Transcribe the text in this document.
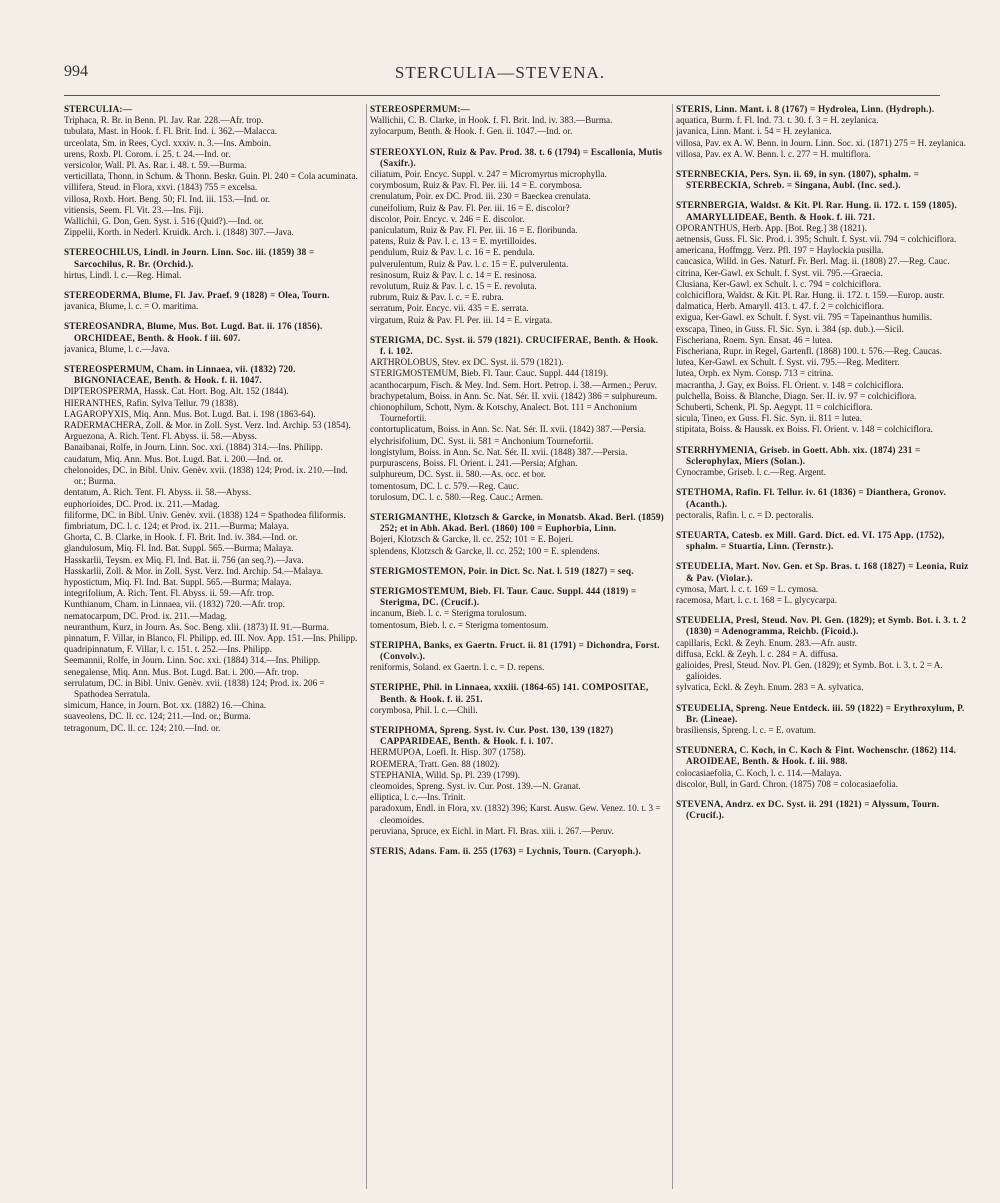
994	STERCULIA—STEVENA.
STERCULIA:—
Triphaca, R. Br. in Benn. Pl. Jav. Rar. 228.—Afr. trop.
tubulata, Mast. in Hook. f. Fl. Brit. Ind. i. 362.—Malacca.
urceolata, Sm. in Rees, Cycl. xxxiv. n. 3.—Ins. Amboin.
urens, Roxb. Pl. Corom. i. 25. t. 24.—Ind. or.
versicolor, Wall. Pl. As. Rar. i. 48. t. 59.—Burma.
verticillata, Thonn. in Schum. & Thonn. Beskr. Guin. Pl. 240 = Cola acuminata.
villifera, Steud. in Flora, xxvi. (1843) 755 = excelsa.
villosa, Roxb. Hort. Beng. 50; Fl. Ind. iii. 153.—Ind. or.
vitiensis, Seem. Fl. Vit. 23.—Ins. Fiji.
Wallichii, G. Don, Gen. Syst. i. 516 (Quid?).—Ind. or.
Zippelii, Korth. in Nederl. Kruidk. Arch. i. (1848) 307.—Java.
STEREOCHILUS, Lindl. in Journ. Linn. Soc. iii. (1859) 38 = Sarcochilus, R. Br. (Orchid.).
hirtus, Lindl. l. c.—Reg. Himal.
STEREODERMA, Blume, Fl. Jav. Praef. 9 (1828) = Olea, Tourn.
javanica, Blume, l. c. = O. maritima.
STEREOSANDRA, Blume, Mus. Bot. Lugd. Bat. ii. 176 (1856). ORCHIDEAE, Benth. & Hook. f iii. 607.
javanica, Blume, l. c.—Java.
STEREOSPERMUM, Cham. in Linnaea, vii. (1832) 720. BIGNONIACEAE, Benth. & Hook. f. ii. 1047.
DIPTEROSPERMA, Hassk. Cat. Hort. Bog. Alt. 152 (1844).
HIERANTHES, Rafin. Sylva Tellur. 79 (1838).
LAGAROPYXIS, Miq. Ann. Mus. Bot. Lugd. Bat. i. 198 (1863-64).
RADERMACHERA, Zoll. & Mor. in Zoll. Syst. Verz. Ind. Archip. 53 (1854).
Arguezona, A. Rich. Tent. Fl. Abyss. ii. 58.—Abyss.
Banaibanai, Rolfe, in Journ. Linn. Soc. xxi. (1884) 314.—Ins. Philipp.
caudatum, Miq. Ann. Mus. Bot. Lugd. Bat. i. 200.—Ind. or.
chelonoides, DC. in Bibl. Univ. Genèv. xvii. (1838) 124; Prod. ix. 210.—Ind. or.; Burma.
dentatum, A. Rich. Tent. Fl. Abyss. ii. 58.—Abyss.
euphorioides, DC. Prod. ix. 211.—Madag.
filiforme, DC. in Bibl. Univ. Genèv. xvii. (1838) 124 = Spathodea filiformis.
fimbriatum, DC. l. c. 124; et Prod. ix. 211.—Burma; Malaya.
Ghorta, C. B. Clarke, in Hook. f. Fl. Brit. Ind. iv. 384.—Ind. or.
glandulosum, Miq. Fl. Ind. Bat. Suppl. 565.—Burma; Malaya.
Hasskarlii, Teysm. ex Miq. Fl. Ind. Bat. ii. 756 (an seq.?).—Java.
Hasskarlii, Zoll. & Mor. in Zoll. Syst. Verz. Ind. Archip. 54.—Malaya.
hypostictum, Miq. Fl. Ind. Bat. Suppl. 565.—Burma; Malaya.
integrifolium, A. Rich. Tent. Fl. Abyss. ii. 59.—Afr. trop.
Kunthianum, Cham. in Linnaea, vii. (1832) 720.—Afr. trop.
nematocarpum, DC. Prod. ix. 211.—Madag.
neuranthum, Kurz, in Journ. As. Soc. Beng. xlii. (1873) II. 91.—Burma.
pinnatum, F. Villar, in Blanco, Fl. Philipp. ed. III. Nov. App. 151.—Ins. Philipp.
quadripinnatum, F. Villar, l. c. 151. t. 252.—Ins. Philipp.
Seemannii, Rolfe, in Journ. Linn. Soc. xxi. (1884) 314.—Ins. Philipp.
senegalense, Miq. Ann. Mus. Bot. Lugd. Bat. i. 200.—Afr. trop.
serrulatum, DC. in Bibl. Univ. Genèv. xvii. (1838) 124; Prod. ix. 206 = Spathodea Serratula.
simicum, Hance, in Journ. Bot. xx. (1882) 16.—China.
suaveolens, DC. ll. cc. 124; 211.—Ind. or.; Burma.
tetragonum, DC. ll. cc. 124; 210.—Ind. or.
STEREOSPERMUM:—
Wallichii, C. B. Clarke, in Hook. f. Fl. Brit. Ind. iv. 383.—Burma.
zylocarpum, Benth. & Hook. f. Gen. ii. 1047.—Ind. or.
STEREOXYLON, Ruiz & Pav. Prod. 38. t. 6 (1794) = Escallonia, Mutis (Saxifr.).
ciliatum, Poir. Encyc. Suppl. v. 247 = Micromyrtus microphylla.
corymbosum, Ruiz & Pav. Fl. Per. iii. 14 = E. corymbosa.
crenulatum, Poir. ex DC. Prod. iii. 230 = Baeckea crenulata.
cuneifolium, Ruiz & Pav. Fl. Per. iii. 16 = E. discolor?
discolor, Poir. Encyc. v. 246 = E. discolor.
paniculatum, Ruiz & Pav. Fl. Per. iii. 16 = E. floribunda.
patens, Ruiz & Pav. l. c. 13 = E. myrtilloides.
pendulum, Ruiz & Pav. l. c. 16 = E. pendula.
pulverulentum, Ruiz & Pav. l. c. 15 = E. pulverulenta.
resinosum, Ruiz & Pav. l. c. 14 = E. resinosa.
revolutum, Ruiz & Pav. l. c. 15 = E. revoluta.
rubrum, Ruiz & Pav. l. c. = E. rubra.
serratum, Poir. Encyc. vii. 435 = E. serrata.
virgatum, Ruiz & Pav. Fl. Per. iii. 14 = E. virgata.
STERIGMA, DC. Syst. ii. 579 (1821). CRUCIFERAE, Benth. & Hook. f. i. 102.
ARTHROLOBUS, Stev. ex DC. Syst. ii. 579 (1821).
STERIGMOSTEMUM, Bieb. Fl. Taur. Cauc. Suppl. 444 (1819).
acanthocarpum, Fisch. & Mey. Ind. Sem. Hort. Petrop. i. 38.—Armen.; Peruv.
brachypetalum, Boiss. in Ann. Sc. Nat. Sér. II. xvii. (1842) 386 = sulphureum.
chionophilum, Schott, Nym. & Kotschy, Analect. Bot. 111 = Anchonium Tournefortii.
contortuplicatum, Boiss. in Ann. Sc. Nat. Sér. II. xvii. (1842) 387.—Persia.
elychrisifolium, DC. Syst. ii. 581 = Anchonium Tournefortii.
longistylum, Boiss. in Ann. Sc. Nat. Sér. II. xvii. (1848) 387.—Persia.
purpurascens, Boiss. Fl. Orient. i. 241.—Persia; Afghan.
sulphureum, DC. Syst. ii. 580.—As. occ. et bor.
tomentosum, DC. l. c. 579.—Reg. Cauc.
torulosum, DC. l. c. 580.—Reg. Cauc.; Armen.
STERIGMANTHE, Klotzsch & Garcke, in Monatsb. Akad. Berl. (1859) 252; et in Abh. Akad. Berl. (1860) 100 = Euphorbia, Linn.
Bojeri, Klotzsch & Garcke, ll. cc. 252; 101 = E. Bojeri.
splendens, Klotzsch & Garcke, ll. cc. 252; 100 = E. splendens.
STERIGMOSTEMON, Poir. in Dict. Sc. Nat. l. 519 (1827) = seq.
STERIGMOSTEMUM, Bieb. Fl. Taur. Cauc. Suppl. 444 (1819) = Sterigma, DC. (Crucif.).
incanum, Bieb. l. c. = Sterigma torulosum.
tomentosum, Bieb. l. c. = Sterigma tomentosum.
STERIPHA, Banks, ex Gaertn. Fruct. ii. 81 (1791) = Dichondra, Forst. (Convolv.).
reniformis, Soland. ex Gaertn. l. c. = D. repens.
STERIPHE, Phil. in Linnaea, xxxiii. (1864-65) 141. COMPOSITAE, Benth. & Hook. f. ii. 251.
corymbosa, Phil. l. c.—Chili.
STERIPHOMA, Spreng. Syst. iv. Cur. Post. 130, 139 (1827) CAPPARIDEAE, Benth. & Hook. f. i. 107.
HERMUPOA, Loefl. It. Hisp. 307 (1758).
ROEMERA, Tratt. Gen. 88 (1802).
STEPHANIA, Willd. Sp. Pl. 239 (1799).
cleomoides, Spreng. Syst. iv. Cur. Post. 139.—N. Granat.
elliptica, l. c.—Ins. Trinit.
paradoxum, Endl. in Flora, xv. (1832) 396; Karst. Ausw. Gew. Venez. 10. t. 3 = cleomoides.
peruviana, Spruce, ex Eichl. in Mart. Fl. Bras. xiii. i. 267.—Peruv.
STERIS, Adans. Fam. ii. 255 (1763) = Lychnis, Tourn. (Caryoph.).
STERIS, Linn. Mant. i. 8 (1767) = Hydrolea, Linn. (Hydroph.).
aquatica, Burm. f. Fl. Ind. 73. t. 30. f. 3 = H. zeylanica.
javanica, Linn. Mant. i. 54 = H. zeylanica.
villosa, Pav. ex A. W. Benn. in Journ. Linn. Soc. xi. (1871) 275 = H. zeylanica.
villosa, Pav. ex A. W. Benn. l. c. 277 = H. multiflora.
STERNBECKIA, Pers. Syn. ii. 69, in syn. (1807), sphalm. = STERBECKIA, Schreb. = Singana, Aubl. (Inc. sed.).
STERNBERGIA, Waldst. & Kit. Pl. Rar. Hung. ii. 172. t. 159 (1805). AMARYLLIDEAE, Benth. & Hook. f. iii. 721.
OPORANTHUS, Herb. App. [Bot. Reg.] 38 (1821).
aetnensis, Guss. Fl. Sic. Prod. i. 395; Schult. f. Syst. vii. 794 = colchiciflora.
americana, Hoffmgg. Verz. Pfl. 197 = Haylockia pusilla.
caucasica, Willd. in Ges. Naturf. Fr. Berl. Mag. ii. (1808) 27.—Reg. Cauc.
citrina, Ker-Gawl. ex Schult. f. Syst. vii. 795.—Graecia.
Clusiana, Ker-Gawl. ex Schult. l. c. 794 = colchiciflora.
colchiciflora, Waldst. & Kit. Pl. Rar. Hung. ii. 172. t. 159.—Europ. austr.
dalmatica, Herb. Amaryll. 413. t. 47. f. 2 = colchiciflora.
exigua, Ker-Gawl. ex Schult. f. Syst. vii. 795 = Tapeinanthus humilis.
exscapa, Tineo, in Guss. Fl. Sic. Syn. i. 384 (sp. dub.).—Sicil.
Fischeriana, Roem. Syn. Ensat. 46 = lutea.
Fischeriana, Rupr. in Regel, Gartenfl. (1868) 100. t. 576.—Reg. Caucas.
lutea, Ker-Gawl. ex Schult. f. Syst. vii. 795.—Reg. Mediterr.
lutea, Orph. ex Nym. Consp. 713 = citrina.
macrantha, J. Gay, ex Boiss. Fl. Orient. v. 148 = colchiciflora.
pulchella, Boiss. & Blanche, Diagn. Ser. II. iv. 97 = colchiciflora.
Schuberti, Schenk, Pl. Sp. Aegypt. 11 = colchiciflora.
sicula, Tineo, ex Guss. Fl. Sic. Syn. ii. 811 = lutea.
stipitata, Boiss. & Haussk. ex Boiss. Fl. Orient. v. 148 = colchiciflora.
STERRHYMENIA, Griseb. in Goett. Abh. xix. (1874) 231 = Sclerophylax, Miers (Solan.).
Cynocrambe, Griseb. l. c.—Reg. Argent.
STETHOMA, Rafin. Fl. Tellur. iv. 61 (1836) = Dianthera, Gronov. (Acanth.).
pectoralis, Rafin. l. c. = D. pectoralis.
STEUARTA, Catesb. ex Mill. Gard. Dict. ed. VI. 175 App. (1752), sphalm. = Stuartia, Linn. (Ternstr.).
STEUDELIA, Mart. Nov. Gen. et Sp. Bras. t. 168 (1827) = Leonia, Ruiz & Pav. (Violar.).
cymosa, Mart. l. c. t. 169 = L. cymosa.
racemosa, Mart. l. c. t. 168 = L. glycycarpa.
STEUDELIA, Presl, Steud. Nov. Pl. Gen. (1829); et Symb. Bot. i. 3. t. 2 (1830) = Adenogramma, Reichb. (Ficoid.).
capillaris, Eckl. & Zeyh. Enum. 283.—Afr. austr.
diffusa, Eckl. & Zeyh. l. c. 284 = A. diffusa.
galioides, Presl, Steud. Nov. Pl. Gen. (1829); et Symb. Bot. i. 3. t. 2 = A. galioides.
sylvatica, Eckl. & Zeyh. Enum. 283 = A. sylvatica.
STEUDELIA, Spreng. Neue Entdeck. iii. 59 (1822) = Erythroxylum, P. Br. (Lineae).
brasiliensis, Spreng. l. c. = E. ovatum.
STEUDNERA, C. Koch, in C. Koch & Fint. Wochenschr. (1862) 114. AROIDEAE, Benth. & Hook. f. iii. 988.
colocasiaefolia, C. Koch, l. c. 114.—Malaya.
discolor, Bull, in Gard. Chron. (1875) 708 = colocasiaefolia.
STEVENA, Andrz. ex DC. Syst. ii. 291 (1821) = Alyssum, Tourn. (Crucif.).
